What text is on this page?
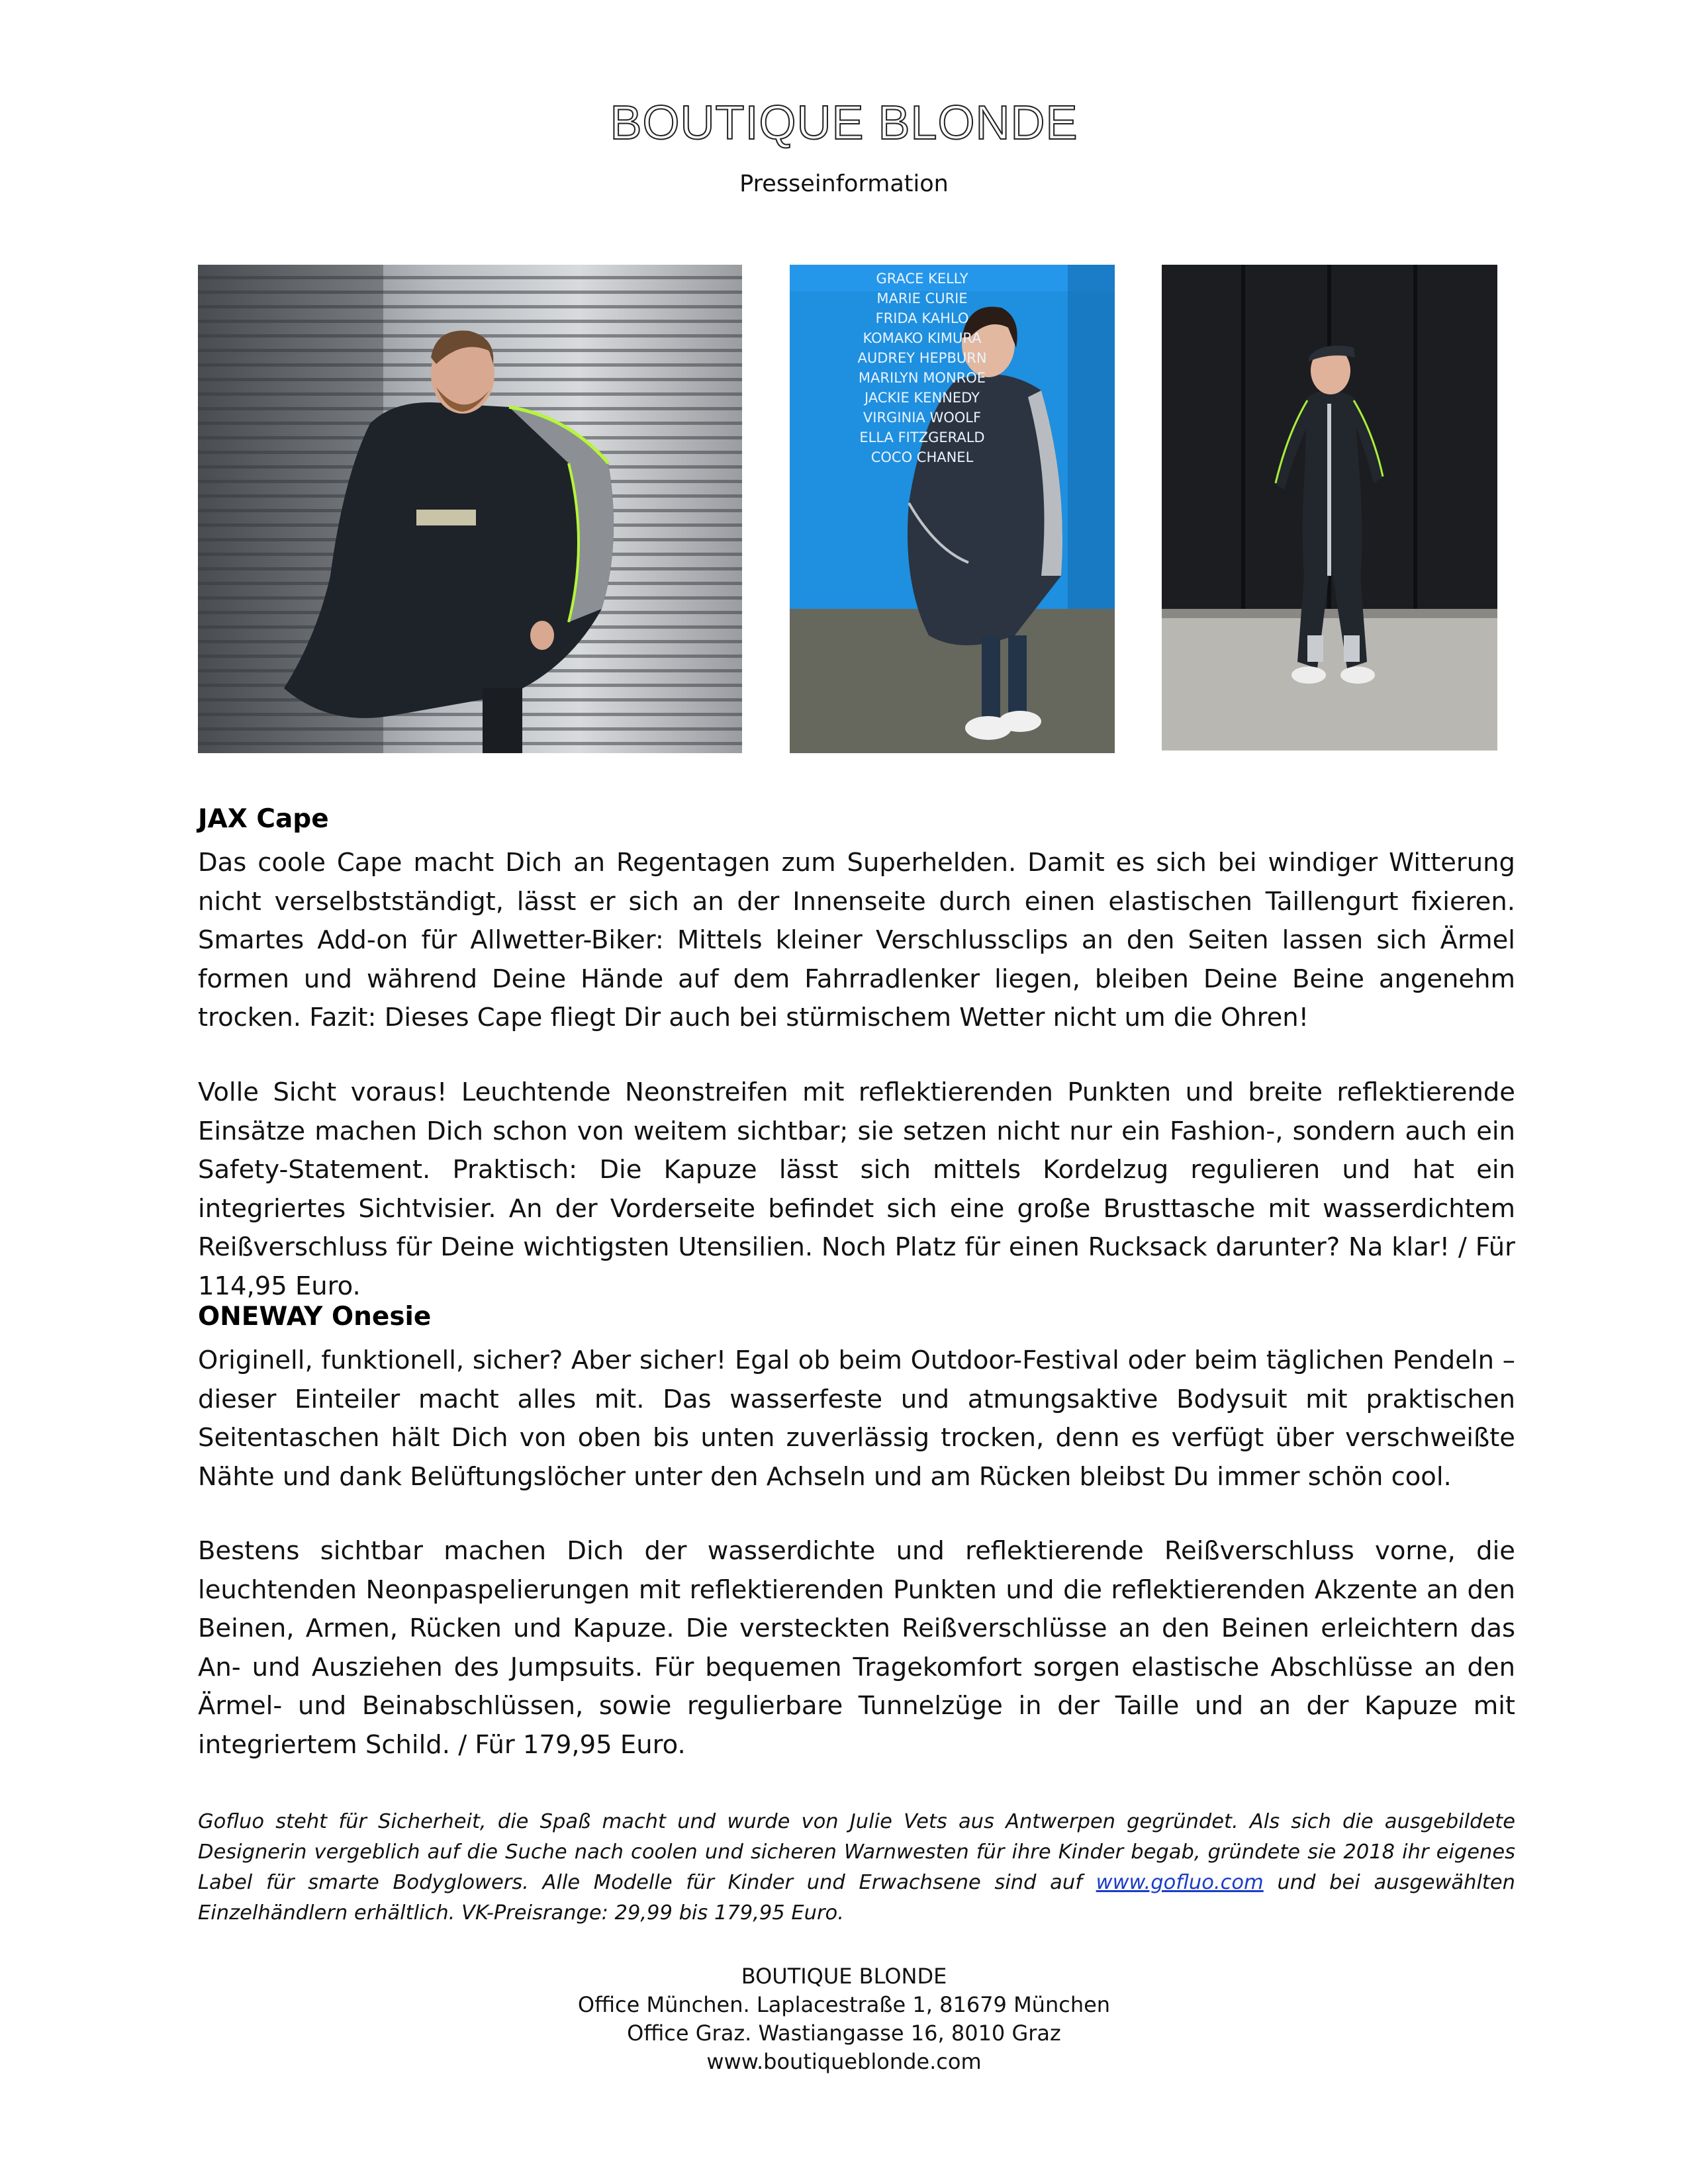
BOUTIQUE BLONDE
Presseinformation
GRACE KELLY
MARIE CURIE
FRIDA KAHLO
KOMAKO KIMURA
AUDREY HEPBURN
MARILYN MONROE
JACKIE KENNEDY
VIRGINIA WOOLF
ELLA FITZGERALD
COCO CHANEL
JAX Cape

Das coole Cape macht Dich an Regentagen zum Superhelden. Damit es sich bei windiger Witterung nicht verselbstständigt, lässt er sich an der Innenseite durch einen elastischen Taillengurt fixieren. Smartes Add-on für Allwetter-Biker: Mittels kleiner Verschlussclips an den Seiten lassen sich Ärmel formen und während Deine Hände auf dem Fahrradlenker liegen, bleiben Deine Beine angenehm trocken. Fazit: Dieses Cape fliegt Dir auch bei stürmischem Wetter nicht um die Ohren!

Volle Sicht voraus! Leuchtende Neonstreifen mit reflektierenden Punkten und breite reflektierende Einsätze machen Dich schon von weitem sichtbar; sie setzen nicht nur ein Fashion-, sondern auch ein Safety-Statement. Praktisch: Die Kapuze lässt sich mittels Kordelzug regulieren und hat ein integriertes Sichtvisier. An der Vorderseite befindet sich eine große Brusttasche mit wasserdichtem Reißverschluss für Deine wichtigsten Utensilien. Noch Platz für einen Rucksack darunter? Na klar! / Für 114,95 Euro.

ONEWAY Onesie

Originell, funktionell, sicher? Aber sicher! Egal ob beim Outdoor-Festival oder beim täglichen Pendeln – dieser Einteiler macht alles mit. Das wasserfeste und atmungsaktive Bodysuit mit praktischen Seitentaschen hält Dich von oben bis unten zuverlässig trocken, denn es verfügt über verschweißte Nähte und dank Belüftungslöcher unter den Achseln und am Rücken bleibst Du immer schön cool.

Bestens sichtbar machen Dich der wasserdichte und reflektierende Reißverschluss vorne, die leuchtenden Neonpaspelierungen mit reflektierenden Punkten und die reflektierenden Akzente an den Beinen, Armen, Rücken und Kapuze. Die versteckten Reißverschlüsse an den Beinen erleichtern das An- und Ausziehen des Jumpsuits. Für bequemen Tragekomfort sorgen elastische Abschlüsse an den Ärmel- und Beinabschlüssen, sowie regulierbare Tunnelzüge in der Taille und an der Kapuze mit integriertem Schild. / Für 179,95 Euro.

Gofluo steht für Sicherheit, die Spaß macht und wurde von Julie Vets aus Antwerpen gegründet. Als sich die ausgebildete Designerin vergeblich auf die Suche nach coolen und sicheren Warnwesten für ihre Kinder begab, gründete sie 2018 ihr eigenes Label für smarte Bodyglowers. Alle Modelle für Kinder und Erwachsene sind auf www.gofluo.com und bei ausgewählten Einzelhändlern erhältlich. VK-Preisrange: 29,99 bis 179,95 Euro.
BOUTIQUE BLONDE
Office München. Laplacestraße 1, 81679 München
Office Graz. Wastiangasse 16, 8010 Graz
www.boutiqueblonde.com
